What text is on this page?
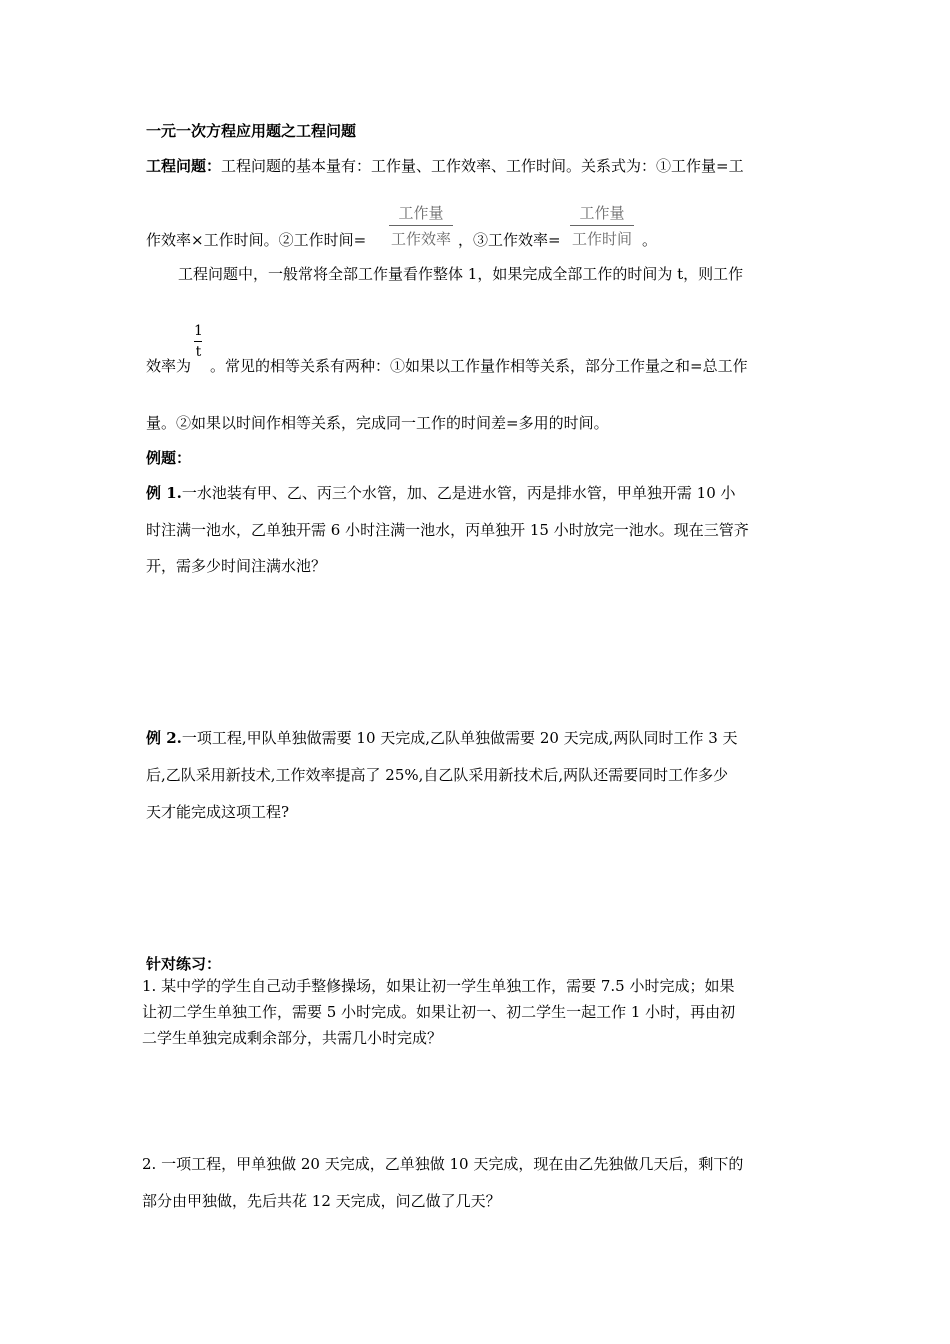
一元一次方程应用题之工程问题
工程问题：工程问题的基本量有：工作量、工作效率、工作时间。关系式为：①工作量=工
作效率×工作时间。②工作时间=
工作量
工作效率 ，③工作效率=
工作量
工作时间 。
工程问题中，一般常将全部工作量看作整体 1，如果完成全部工作的时间为 t，则工作
效率为
1
t
。常见的相等关系有两种：①如果以工作量作相等关系，部分工作量之和=总工作
量。②如果以时间作相等关系，完成同一工作的时间差=多用的时间。
例题：
例 1.一水池装有甲、乙、丙三个水管，加、乙是进水管，丙是排水管，甲单独开需 10 小
时注满一池水，乙单独开需 6 小时注满一池水，丙单独开 15 小时放完一池水。现在三管齐
开，需多少时间注满水池？
例 2.一项工程,甲队单独做需要 10 天完成,乙队单独做需要 20 天完成,两队同时工作 3 天
后,乙队采用新技术,工作效率提高了 25%,自乙队采用新技术后,两队还需要同时工作多少
天才能完成这项工程?
针对练习：
1. 某中学的学生自己动手整修操场，如果让初一学生单独工作，需要 7.5 小时完成；如果
让初二学生单独工作，需要 5 小时完成。如果让初一、初二学生一起工作 1 小时，再由初
二学生单独完成剩余部分，共需几小时完成？
2. 一项工程，甲单独做 20 天完成，乙单独做 10 天完成，现在由乙先独做几天后，剩下的
部分由甲独做，先后共花 12 天完成，问乙做了几天？
